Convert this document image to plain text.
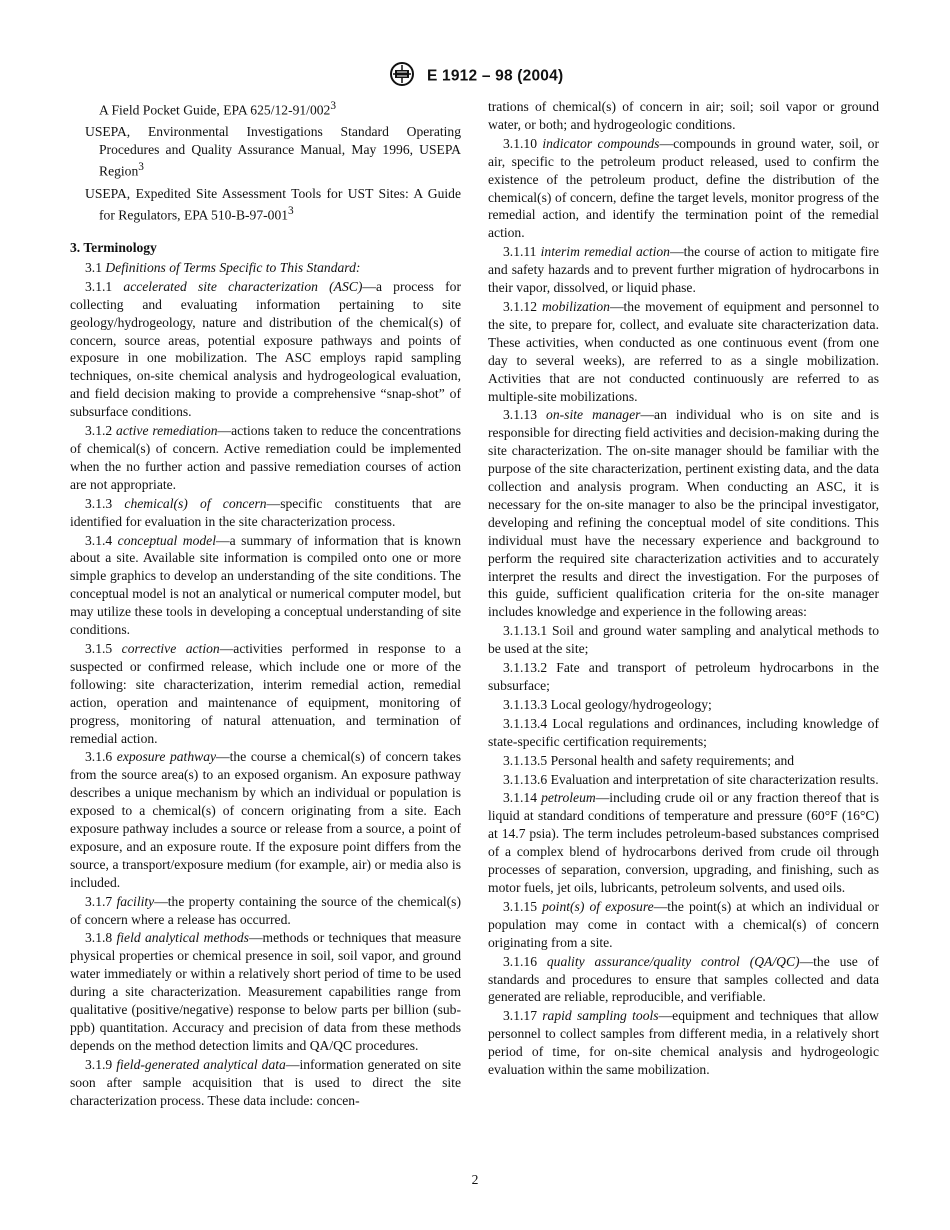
E 1912 – 98 (2004)

A Field Pocket Guide, EPA $625/12-91/002^3$

USEPA, Environmental Investigations Standard Operating Procedures and Quality Assurance Manual, May 1996, USEPA Region$^3$

USEPA, Expedited Site Assessment Tools for UST Sites: A Guide for Regulators, EPA $510-B-97-001^3$

3. Terminology

3.1 Definitions of Terms Specific to This Standard:

3.1.1 accelerated site characterization (ASC)—a process for collecting and evaluating information pertaining to site geology/hydrogeology, nature and distribution of the chemical(s) of concern, source areas, potential exposure pathways and points of exposure in one mobilization. The ASC employs rapid sampling techniques, on-site chemical analysis and hydrogeological evaluation, and field decision making to provide a comprehensive “snap-shot” of subsurface conditions.

3.1.2 active remediation—actions taken to reduce the concentrations of chemical(s) of concern. Active remediation could be implemented when the no further action and passive remediation courses of action are not appropriate.

3.1.3 chemical(s) of concern—specific constituents that are identified for evaluation in the site characterization process.

3.1.4 conceptual model—a summary of information that is known about a site. Available site information is compiled onto one or more simple graphics to develop an understanding of the site conditions. The conceptual model is not an analytical or numerical computer model, but may utilize these tools in developing a conceptual understanding of site conditions.

3.1.5 corrective action—activities performed in response to a suspected or confirmed release, which include one or more of the following: site characterization, interim remedial action, remedial action, operation and maintenance of equipment, monitoring of progress, monitoring of natural attenuation, and termination of remedial action.

3.1.6 exposure pathway—the course a chemical(s) of concern takes from the source area(s) to an exposed organism. An exposure pathway describes a unique mechanism by which an individual or population is exposed to a chemical(s) of concern originating from a site. Each exposure pathway includes a source or release from a source, a point of exposure, and an exposure route. If the exposure point differs from the source, a transport/exposure medium (for example, air) or media also is included.

3.1.7 facility—the property containing the source of the chemical(s) of concern where a release has occurred.

3.1.8 field analytical methods—methods or techniques that measure physical properties or chemical presence in soil, soil vapor, and ground water immediately or within a relatively short period of time to be used during a site characterization. Measurement capabilities range from qualitative (positive/negative) response to below parts per billion (sub-ppb) quantitation. Accuracy and precision of data from these methods depends on the method detection limits and QA/QC procedures.

3.1.9 field-generated analytical data—information generated on site soon after sample acquisition that is used to direct the site characterization process. These data include: concen-

trations of chemical(s) of concern in air; soil; soil vapor or ground water, or both; and hydrogeologic conditions.

3.1.10 indicator compounds—compounds in ground water, soil, or air, specific to the petroleum product released, used to confirm the existence of the petroleum product, define the distribution of the chemical(s) of concern, define the target levels, monitor progress of the remedial action, and identify the termination point of the remedial action.

3.1.11 interim remedial action—the course of action to mitigate fire and safety hazards and to prevent further migration of hydrocarbons in their vapor, dissolved, or liquid phase.

3.1.12 mobilization—the movement of equipment and personnel to the site, to prepare for, collect, and evaluate site characterization data. These activities, when conducted as one continuous event (from one day to several weeks), are referred to as a single mobilization. Activities that are not conducted continuously are referred to as multiple-site mobilizations.

3.1.13 on-site manager—an individual who is on site and is responsible for directing field activities and decision-making during the site characterization. The on-site manager should be familiar with the purpose of the site characterization, pertinent existing data, and the data collection and analysis program. When conducting an ASC, it is necessary for the on-site manager to also be the principal investigator, developing and refining the conceptual model of site conditions. This individual must have the necessary experience and background to perform the required site characterization activities and to accurately interpret the results and direct the investigation. For the purposes of this guide, sufficient qualification criteria for the on-site manager includes knowledge and experience in the following areas:

3.1.13.1 Soil and ground water sampling and analytical methods to be used at the site;

3.1.13.2 Fate and transport of petroleum hydrocarbons in the subsurface;

3.1.13.3 Local geology/hydrogeology;

3.1.13.4 Local regulations and ordinances, including knowledge of state-specific certification requirements;

3.1.13.5 Personal health and safety requirements; and

3.1.13.6 Evaluation and interpretation of site characterization results.

3.1.14 petroleum—including crude oil or any fraction thereof that is liquid at standard conditions of temperature and pressure (60°F (16°C) at 14.7 psia). The term includes petroleum-based substances comprised of a complex blend of hydrocarbons derived from crude oil through processes of separation, conversion, upgrading, and finishing, such as motor fuels, jet oils, lubricants, petroleum solvents, and used oils.

3.1.15 point(s) of exposure—the point(s) at which an individual or population may come in contact with a chemical(s) of concern originating from a site.

3.1.16 quality assurance/quality control (QA/QC)—the use of standards and procedures to ensure that samples collected and data generated are reliable, reproducible, and verifiable.

3.1.17 rapid sampling tools—equipment and techniques that allow personnel to collect samples from different media, in a relatively short period of time, for on-site chemical analysis and hydrogeologic evaluation within the same mobilization.

2
